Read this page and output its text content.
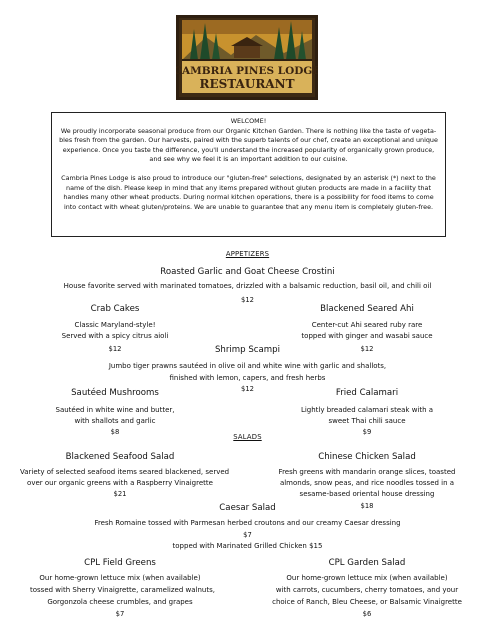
CAMBRIA PINES LODGE
RESTAURANT

WELCOME!

We proudly incorporate seasonal produce from our Organic Kitchen Garden. There is nothing like the taste of vegeta-

bles fresh from the garden. Our harvests, paired with the superb talents of our chef, create an exceptional and unique

experience. Once you taste the difference, you'll understand the increased popularity of organically grown produce,

and see why we feel it is an important addition to our cuisine.

Cambria Pines Lodge is also proud to introduce our "gluten-free" selections, designated by an asterisk (*) next to the

name of the dish. Please keep in mind that any items prepared without gluten products are made in a facility that

handles many other wheat products. During normal kitchen operations, there is a possibility for food items to come

into contact with wheat gluten/proteins. We are unable to guarantee that any menu item is completely gluten-free.

APPETIZERS
Roasted Garlic and Goat Cheese Crostini
House favorite served with marinated tomatoes, drizzled with a balsamic reduction, basil oil, and chili oil
$12
Crab Cakes
Classic Maryland-style!
Served with a spicy citrus aioli
$12
Blackened Seared Ahi
Center-cut Ahi seared ruby rare
topped with ginger and wasabi sauce
$12
Shrimp Scampi
Jumbo tiger prawns sautéed in olive oil and white wine with garlic and shallots,
finished with lemon, capers, and fresh herbs
$12
Sautéed Mushrooms
Sautéed in white wine and butter,
with shallots and garlic
$8
Fried Calamari
Lightly breaded calamari steak with a
sweet Thai chili sauce
$9
SALADS
Blackened Seafood Salad
Variety of selected seafood items seared blackened, served
over our organic greens with a Raspberry Vinaigrette
$21
Chinese Chicken Salad
Fresh greens with mandarin orange slices, toasted
almonds, snow peas, and rice noodles tossed in a
sesame-based oriental house dressing
$18
Caesar Salad
Fresh Romaine tossed with Parmesan herbed croutons and our creamy Caesar dressing
$7
topped with Marinated Grilled Chicken $15
CPL Field Greens
Our home-grown lettuce mix (when available)
tossed with Sherry Vinaigrette, caramelized walnuts,
Gorgonzola cheese crumbles, and grapes
$7
CPL Garden Salad
Our home-grown lettuce mix (when available)
with carrots, cucumbers, cherry tomatoes, and your
choice of Ranch, Bleu Cheese, or Balsamic Vinaigrette
$6
